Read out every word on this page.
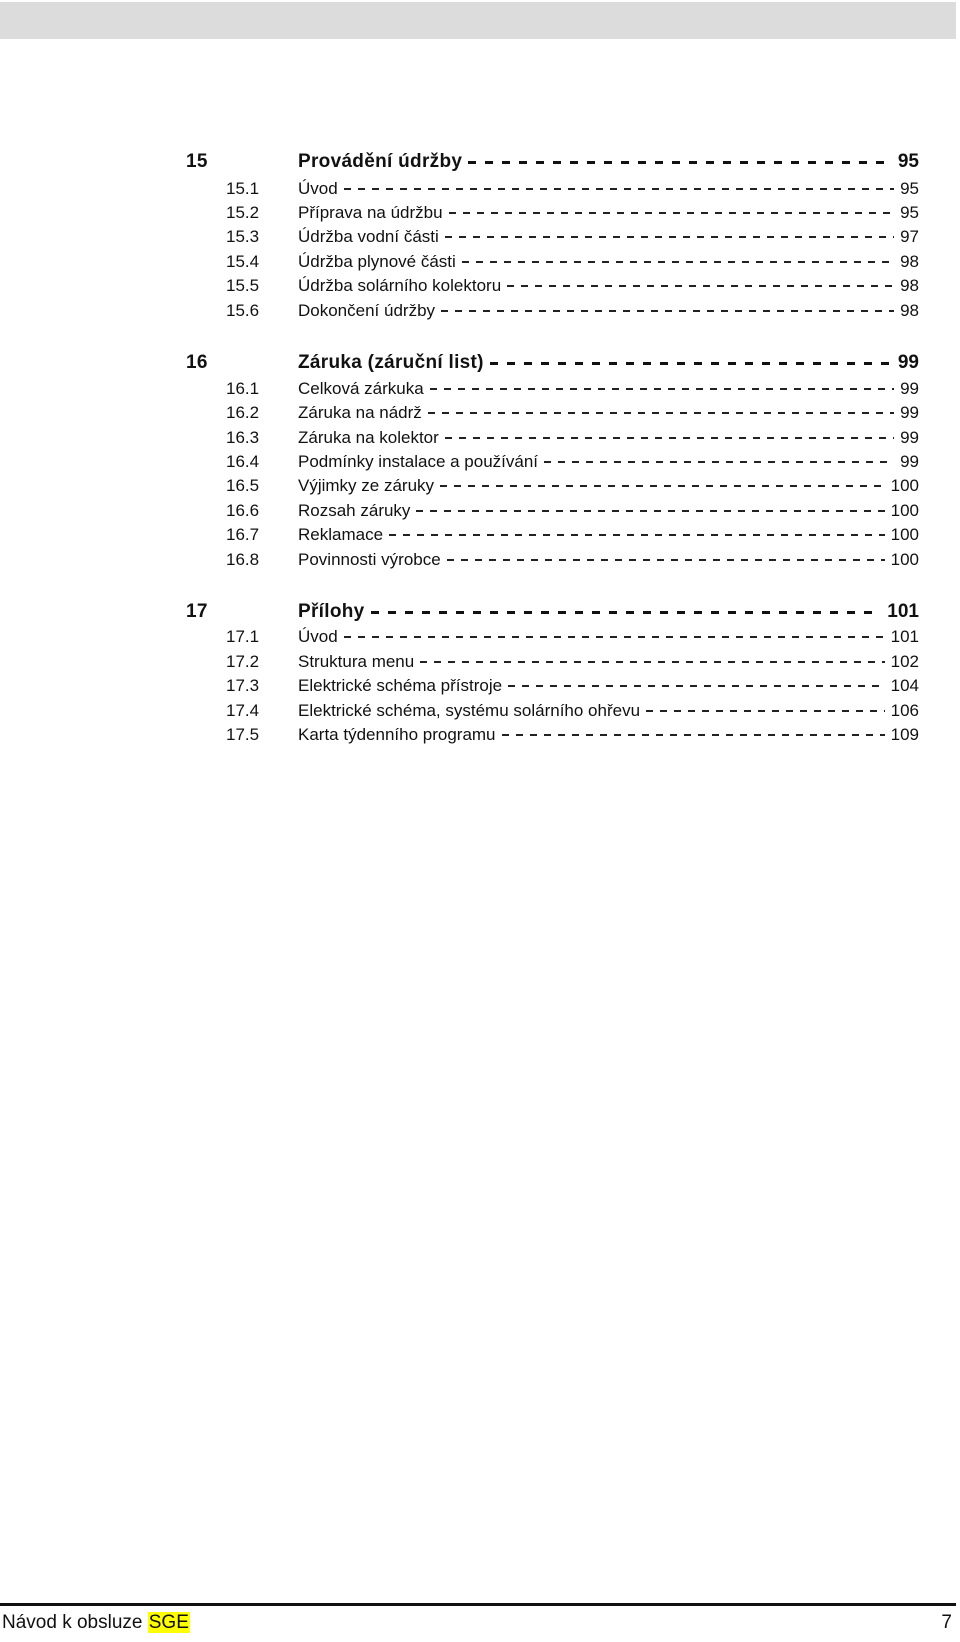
15	Provádění údržby	95
15.1 Úvod	95
15.2 Příprava na údržbu	95
15.3 Údržba vodní části	97
15.4 Údržba plynové části	98
15.5 Údržba solárního kolektoru	98
15.6 Dokončení údržby	98
16	Záruka (záruční list)	99
16.1 Celková zárkuka	99
16.2 Záruka na nádrž	99
16.3 Záruka na kolektor	99
16.4 Podmínky instalace a používání	99
16.5 Výjimky ze záruky	100
16.6 Rozsah záruky	100
16.7 Reklamace	100
16.8 Povinnosti výrobce	100
17	Přílohy	101
17.1 Úvod	101
17.2 Struktura menu	102
17.3 Elektrické schéma přístroje	104
17.4 Elektrické schéma, systému solárního ohřevu	106
17.5 Karta týdenního programu	109
Návod k obsluze SGE	7
